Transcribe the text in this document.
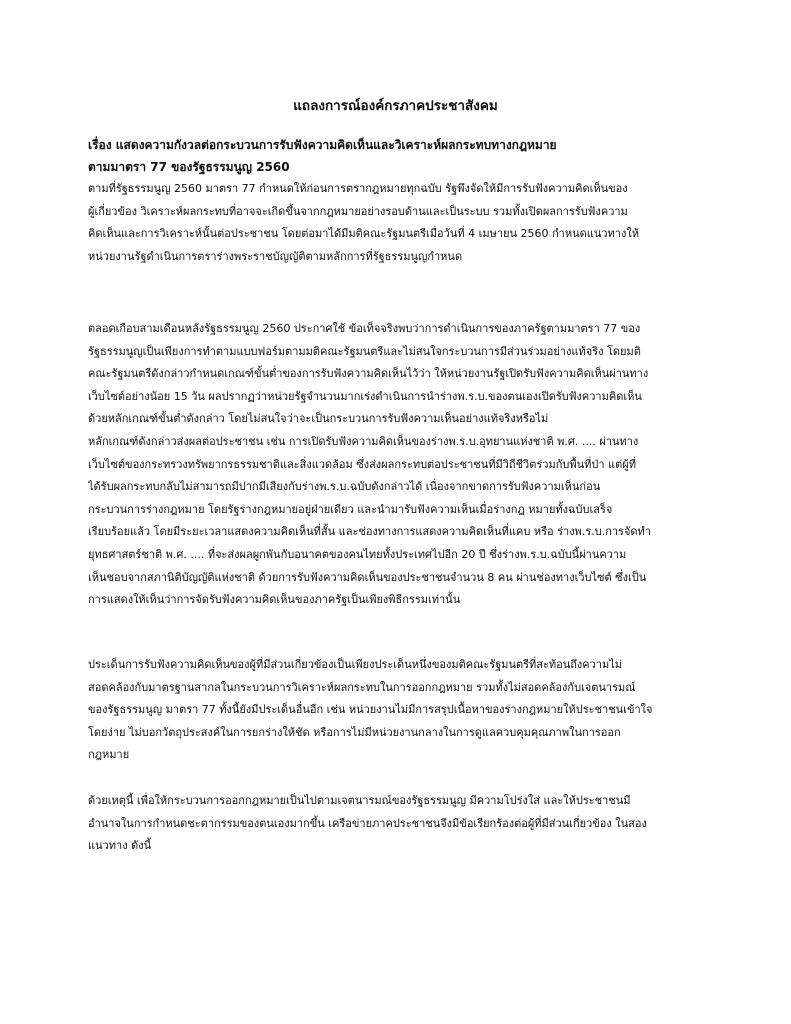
แถลงการณ์องค์กรภาคประชาสังคม
เรื่อง แสดงความกังวลต่อกระบวนการรับฟังความคิดเห็นและวิเคราะห์ผลกระทบทางกฎหมาย
ตามมาตรา 77 ของรัฐธรรมนูญ 2560
ตามที่รัฐธรรมนูญ 2560 มาตรา 77 กำหนดให้ก่อนการตรากฎหมายทุกฉบับ รัฐพึงจัดให้มีการรับฟังความคิดเห็นของ
ผู้เกี่ยวข้อง วิเคราะห์ผลกระทบที่อาจจะเกิดขึ้นจากกฎหมายอย่างรอบด้านและเป็นระบบ รวมทั้งเปิดผลการรับฟังความ
คิดเห็นและการวิเคราะห์นั้นต่อประชาชน โดยต่อมาได้มีมติคณะรัฐมนตรีเมื่อวันที่ 4 เมษายน 2560 กำหนดแนวทางให้
หน่วยงานรัฐดำเนินการตราร่างพระราชบัญญัติตามหลักการที่รัฐธรรมนูญกำหนด
ตลอดเกือบสามเดือนหลังรัฐธรรมนูญ 2560 ประกาศใช้ ข้อเท็จจริงพบว่าการดำเนินการของภาครัฐตามมาตรา 77 ของ
รัฐธรรมนูญเป็นเพียงการทำตามแบบฟอร์มตามมติคณะรัฐมนตรีและไม่สนใจกระบวนการมีส่วนร่วมอย่างแท้จริง โดยมติ
คณะรัฐมนตรีดังกล่าวกำหนดเกณฑ์ขั้นต่ำของการรับฟังความคิดเห็นไว้ว่า ให้หน่วยงานรัฐเปิดรับฟังความคิดเห็นผ่านทาง
เว็บไซต์อย่างน้อย 15 วัน ผลปรากฏว่าหน่วยรัฐจำนวนมากเร่งดำเนินการนำร่างพ.ร.บ.ของตนเองเปิดรับฟังความคิดเห็น
ด้วยหลักเกณฑ์ขั้นต่ำดังกล่าว โดยไม่สนใจว่าจะเป็นกระบวนการรับฟังความเห็นอย่างแท้จริงหรือไม่
หลักเกณฑ์ดังกล่าวส่งผลต่อประชาชน เช่น การเปิดรับฟังความคิดเห็นของร่างพ.ร.บ.อุทยานแห่งชาติ พ.ศ. .... ผ่านทาง
เว็บไซต์ของกระทรวงทรัพยากรธรรมชาติและสิ่งแวดล้อม ซึ่งส่งผลกระทบต่อประชาชนที่มีวิถีชีวิตร่วมกับพื้นที่ป่า แต่ผู้ที่
ได้รับผลกระทบกลับไม่สามารถมีปากมีเสียงกับร่างพ.ร.บ.ฉบับดังกล่าวได้ เนื่องจากขาดการรับฟังความเห็นก่อน
กระบวนการร่างกฎหมาย โดยรัฐร่างกฎหมายอยู่ฝ่ายเดียว และนำมารับฟังความเห็นเมื่อร่างกฎ หมายทั้งฉบับเสร็จ
เรียบร้อยแล้ว โดยมีระยะเวลาแสดงความคิดเห็นที่สั้น และช่องทางการแสดงความคิดเห็นที่แคบ หรือ ร่างพ.ร.บ.การจัดทำ
ยุทธศาสตร์ชาติ พ.ศ. .... ที่จะส่งผลผูกพันกับอนาคตของคนไทยทั้งประเทศไปอีก 20 ปี ซึ่งร่างพ.ร.บ.ฉบับนี้ผ่านความ
เห็นชอบจากสภานิติบัญญัติแห่งชาติ ด้วยการรับฟังความคิดเห็นของประชาชนจำนวน 8 คน ผ่านช่องทางเว็บไซต์ ซึ่งเป็น
การแสดงให้เห็นว่าการจัดรับฟังความคิดเห็นของภาครัฐเป็นเพียงพิธีกรรมเท่านั้น
ประเด็นการรับฟังความคิดเห็นของผู้ที่มีส่วนเกี่ยวข้องเป็นเพียงประเด็นหนึ่งของมติคณะรัฐมนตรีที่สะท้อนถึงความไม่
สอดคล้องกับมาตรฐานสากลในกระบวนการวิเคราะห์ผลกระทบในการออกกฎหมาย รวมทั้งไม่สอดคล้องกับเจตนารมณ์
ของรัฐธรรมนูญ มาตรา 77 ทั้งนี้ยังมีประเด็นอื่นอีก เช่น หน่วยงานไม่มีการสรุปเนื้อหาของร่างกฎหมายให้ประชาชนเข้าใจ
โดยง่าย ไม่บอกวัตถุประสงค์ในการยกร่างให้ชัด หรือการไม่มีหน่วยงานกลางในการดูแลควบคุมคุณภาพในการออก
กฎหมาย
ด้วยเหตุนี้ เพื่อให้กระบวนการออกกฎหมายเป็นไปตามเจตนารมณ์ของรัฐธรรมนูญ มีความโปร่งใส่ และให้ประชาชนมี
อำนาจในการกำหนดชะตากรรมของตนเองมากขึ้น เครือข่ายภาคประชาชนจึงมีข้อเรียกร้องต่อผู้ที่มีส่วนเกี่ยวข้อง ในสอง
แนวทาง ดังนี้
